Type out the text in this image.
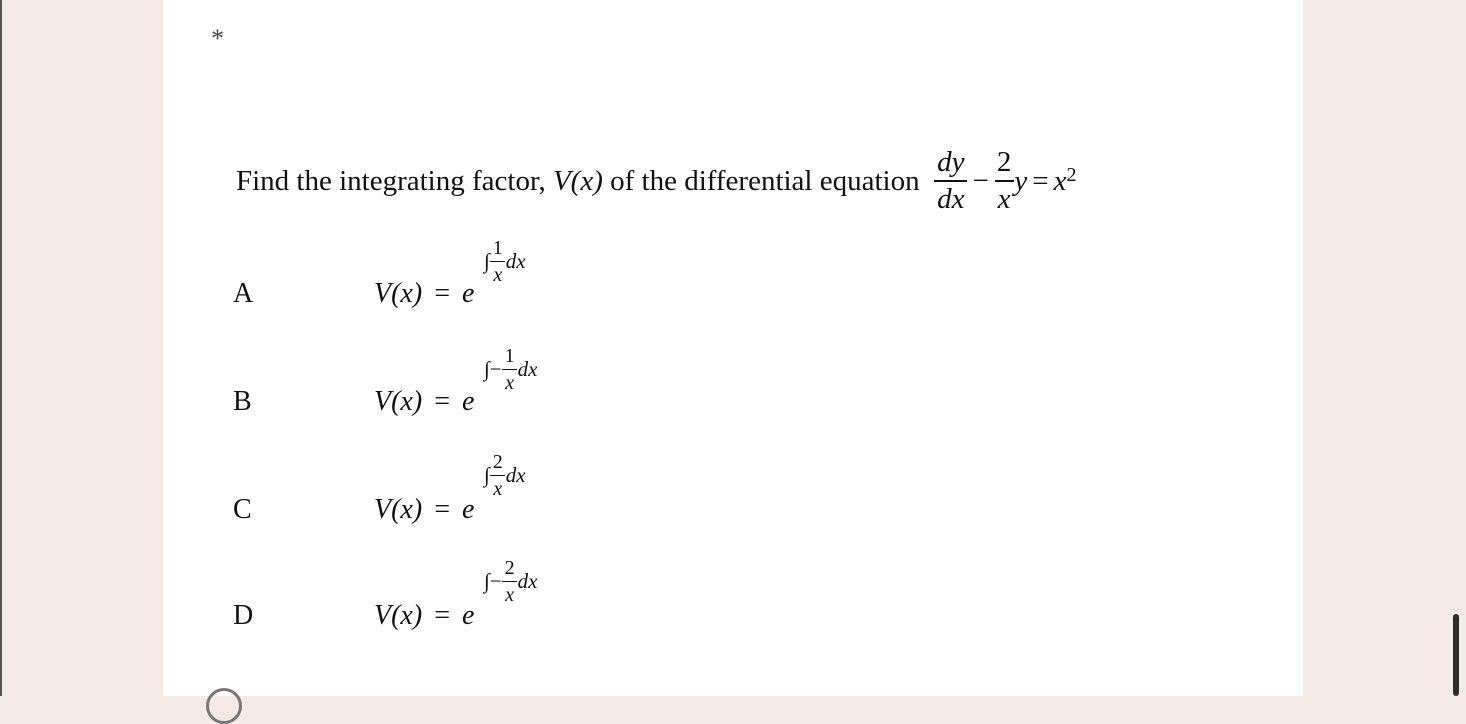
*
Find the integrating factor,
V(x)
of the differential equation
$\frac{dy}{dx} - \frac{2}{x}$ $y = x^2$
A	V(x) = e
∫ $\frac{1}{x}$ dx
B	V(x) = e
∫ − $\frac{1}{x}$ dx
C	V(x) = e
∫ $\frac{2}{x}$ dx
D	V(x) = e
∫ − $\frac{2}{x}$ dx
